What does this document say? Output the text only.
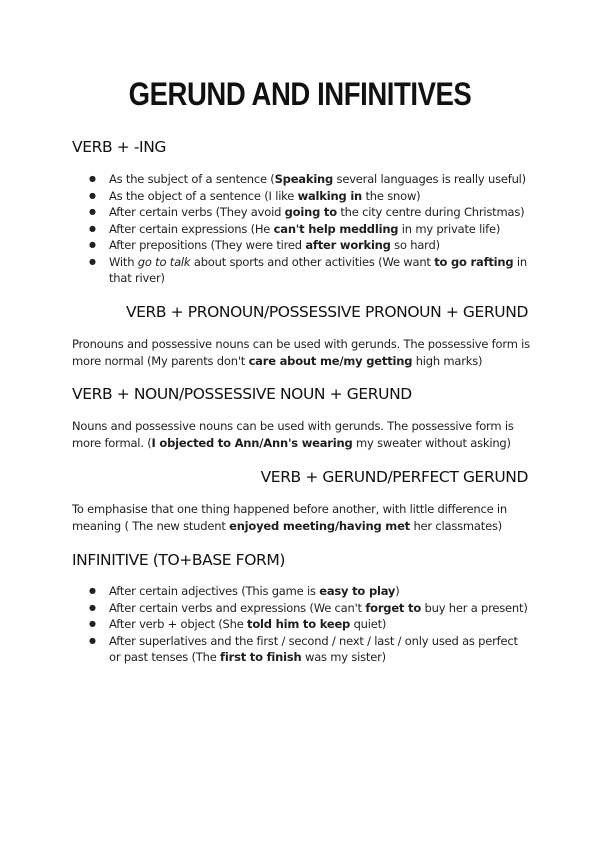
GERUND AND INFINITIVES
VERB + -ING
● As the subject of a sentence (Speaking several languages is really useful)
● As the object of a sentence (I like walking in the snow)
● After certain verbs (They avoid going to the city centre during Christmas)
● After certain expressions (He can't help meddling in my private life)
● After prepositions (They were tired after working so hard)
● With go to talk about sports and other activities (We want to go rafting in that river)
VERB + PRONOUN/POSSESSIVE PRONOUN + GERUND

Pronouns and possessive nouns can be used with gerunds. The possessive form is more normal (My parents don't care about me/my getting high marks)

VERB + NOUN/POSSESSIVE NOUN + GERUND

Nouns and possessive nouns can be used with gerunds. The possessive form is more formal. (I objected to Ann/Ann's wearing my sweater without asking)

VERB + GERUND/PERFECT GERUND

To emphasise that one thing happened before another, with little difference in meaning ( The new student enjoyed meeting/having met her classmates)

INFINITIVE (TO+BASE FORM)
● After certain adjectives (This game is easy to play)
● After certain verbs and expressions (We can't forget to buy her a present)
● After verb + object (She told him to keep quiet)
● After superlatives and the first / second / next / last / only used as perfect or past tenses (The first to finish was my sister)
